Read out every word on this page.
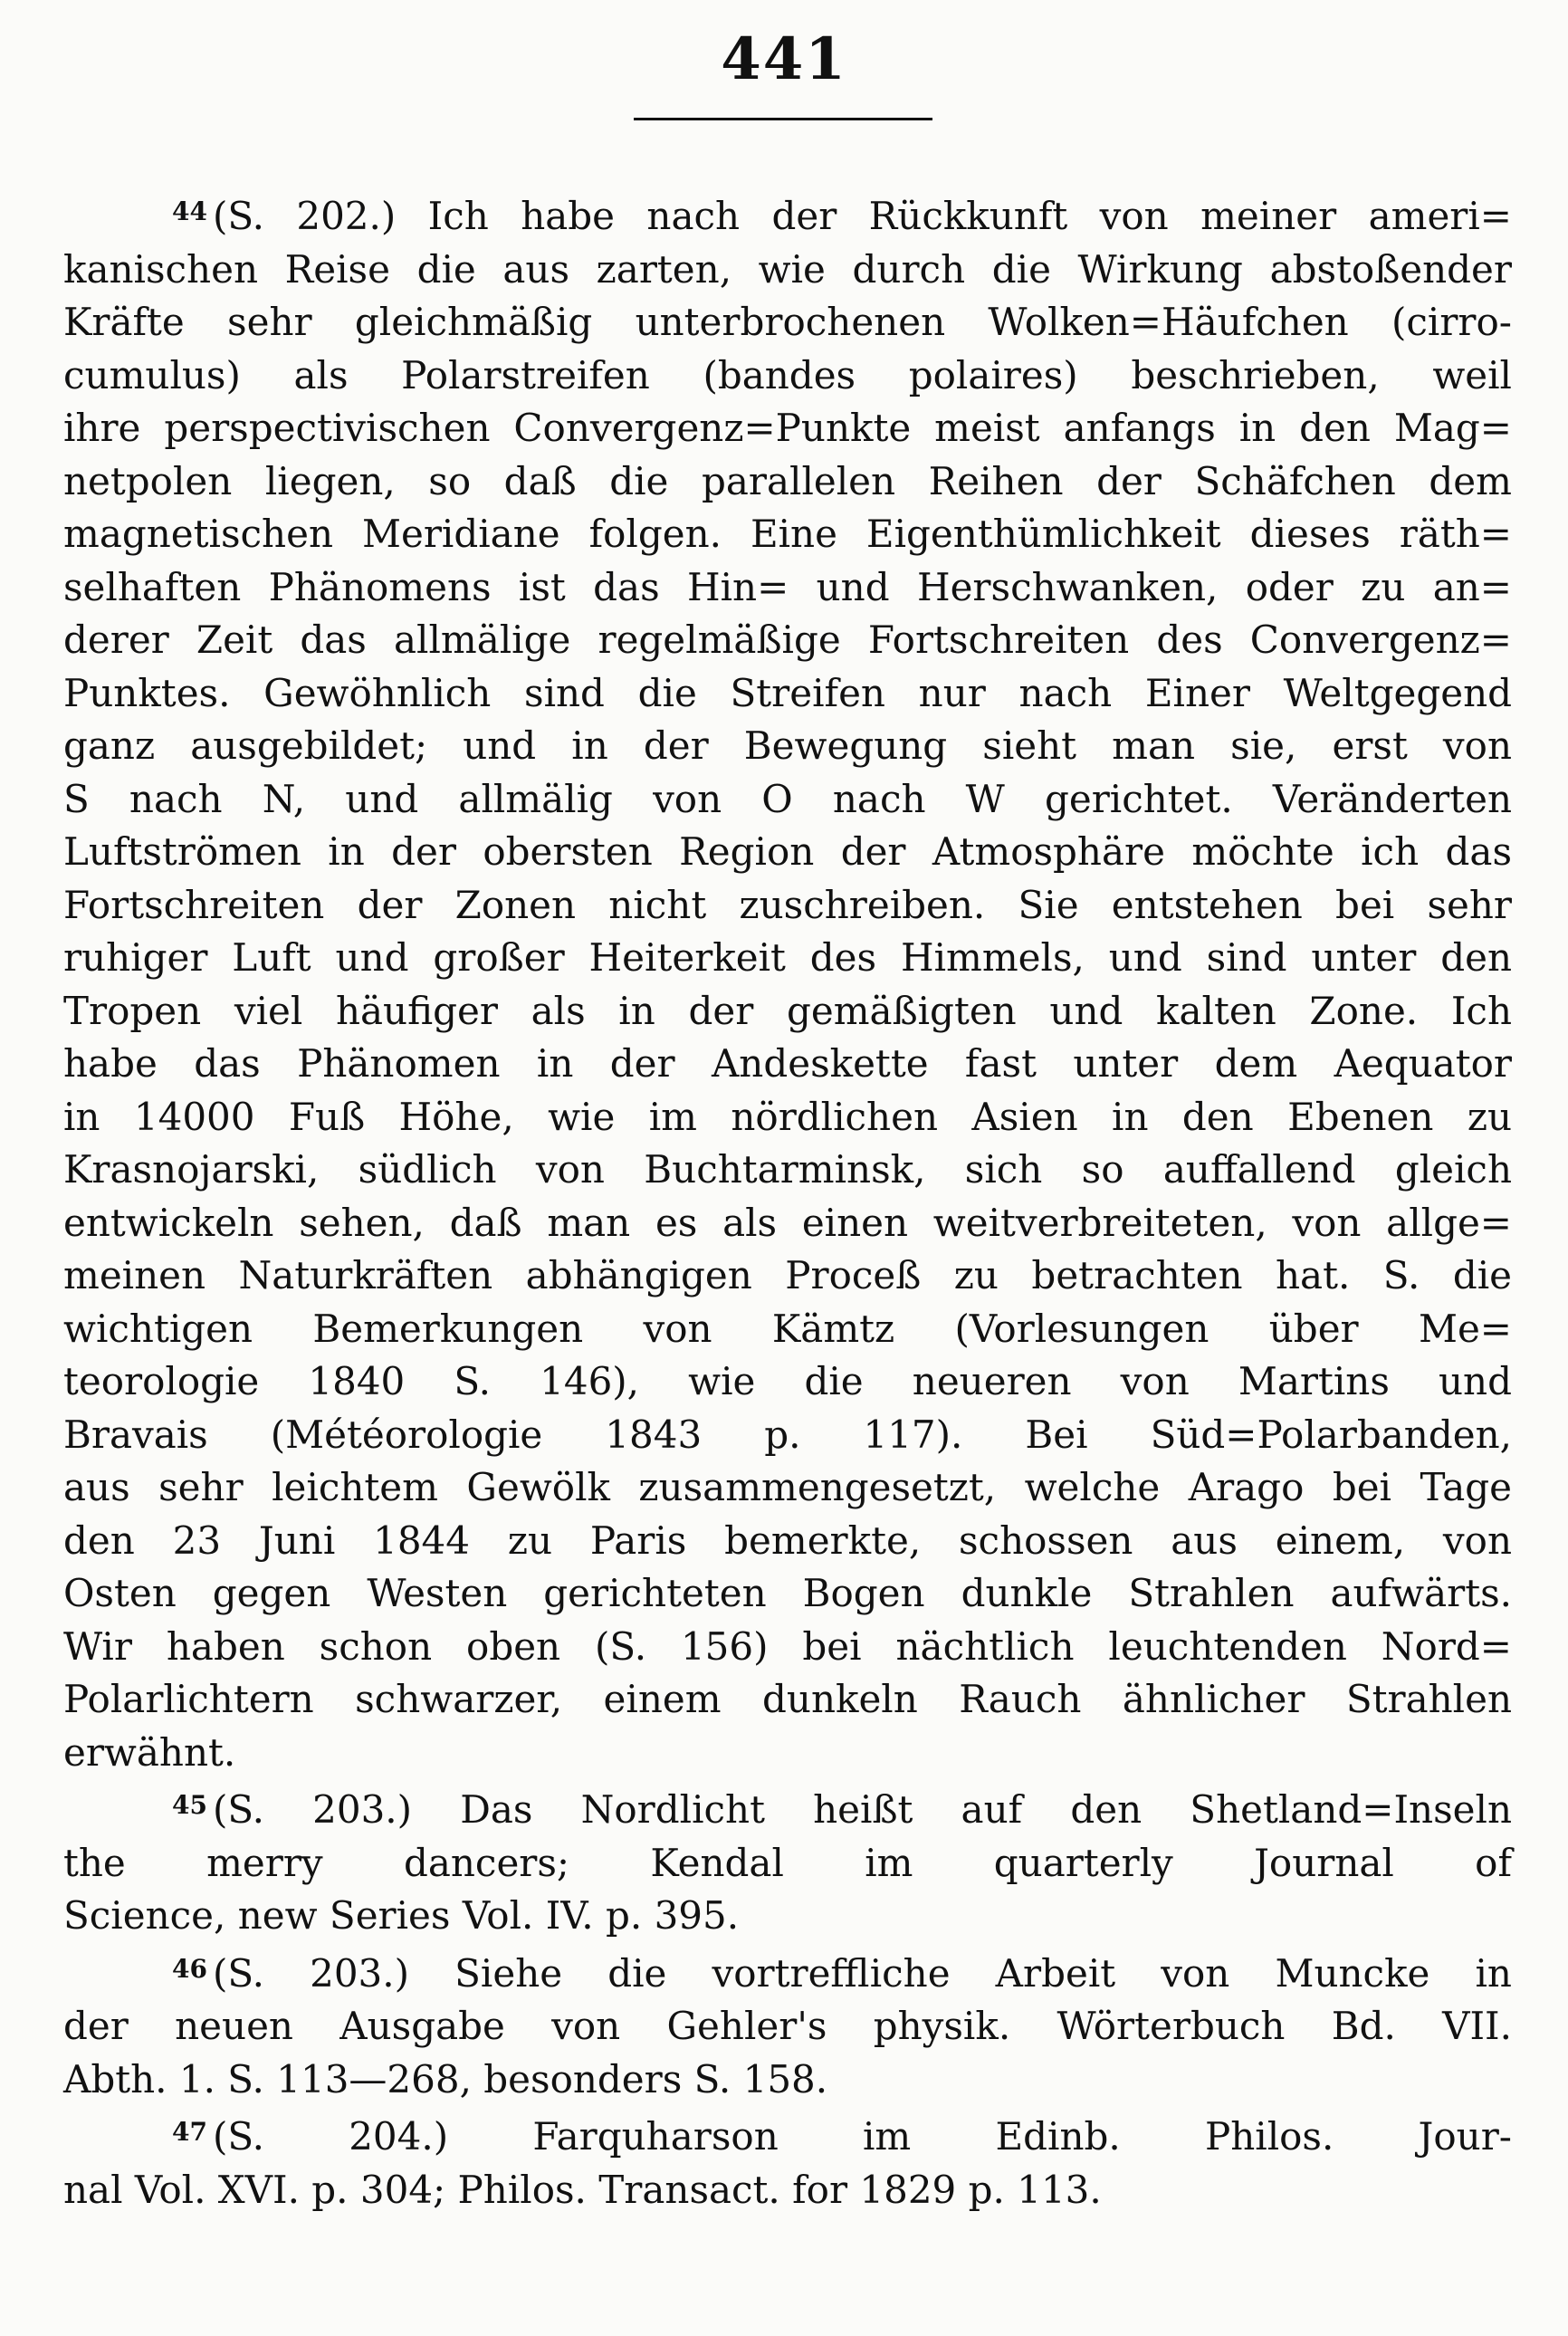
441
$^{44}$ (S. 202.) Ich habe nach der Rückkunft von meiner ameri=
kanischen Reise die aus zarten, wie durch die Wirkung abstoßender
Kräfte sehr gleichmäßig unterbrochenen Wolken=Häufchen (cirro-
cumulus) als Polarstreifen (bandes polaires) beschrieben, weil
ihre perspectivischen Convergenz=Punkte meist anfangs in den Mag=
netpolen liegen, so daß die parallelen Reihen der Schäfchen dem
magnetischen Meridiane folgen. Eine Eigenthümlichkeit dieses räth=
selhaften Phänomens ist das Hin= und Herschwanken, oder zu an=
derer Zeit das allmälige regelmäßige Fortschreiten des Convergenz=
Punktes. Gewöhnlich sind die Streifen nur nach Einer Weltgegend
ganz ausgebildet; und in der Bewegung sieht man sie, erst von
S nach N, und allmälig von O nach W gerichtet. Veränderten
Luftströmen in der obersten Region der Atmosphäre möchte ich das
Fortschreiten der Zonen nicht zuschreiben. Sie entstehen bei sehr
ruhiger Luft und großer Heiterkeit des Himmels, und sind unter den
Tropen viel häufiger als in der gemäßigten und kalten Zone. Ich
habe das Phänomen in der Andeskette fast unter dem Aequator
in 14000 Fuß Höhe, wie im nördlichen Asien in den Ebenen zu
Krasnojarski, südlich von Buchtarminsk, sich so auffallend gleich
entwickeln sehen, daß man es als einen weitverbreiteten, von allge=
meinen Naturkräften abhängigen Proceß zu betrachten hat. S. die
wichtigen Bemerkungen von Kämtz (Vorlesungen über Me=
teorologie 1840 S. 146), wie die neueren von Martins und
Bravais (Météorologie 1843 p. 117). Bei Süd=Polarbanden,
aus sehr leichtem Gewölk zusammengesetzt, welche Arago bei Tage
den 23 Juni 1844 zu Paris bemerkte, schossen aus einem, von
Osten gegen Westen gerichteten Bogen dunkle Strahlen aufwärts.
Wir haben schon oben (S. 156) bei nächtlich leuchtenden Nord=
Polarlichtern schwarzer, einem dunkeln Rauch ähnlicher Strahlen
erwähnt.
$^{45}$ (S. 203.) Das Nordlicht heißt auf den Shetland=Inseln
the merry dancers; Kendal im quarterly Journal of
Science, new Series Vol. IV. p. 395.
$^{46}$ (S. 203.) Siehe die vortreffliche Arbeit von Muncke in
der neuen Ausgabe von Gehler's physik. Wörterbuch Bd. VII.
Abth. 1. S. 113—268, besonders S. 158.
$^{47}$ (S. 204.) Farquharson im Edinb. Philos. Jour-
nal Vol. XVI. p. 304; Philos. Transact. for 1829 p. 113.
